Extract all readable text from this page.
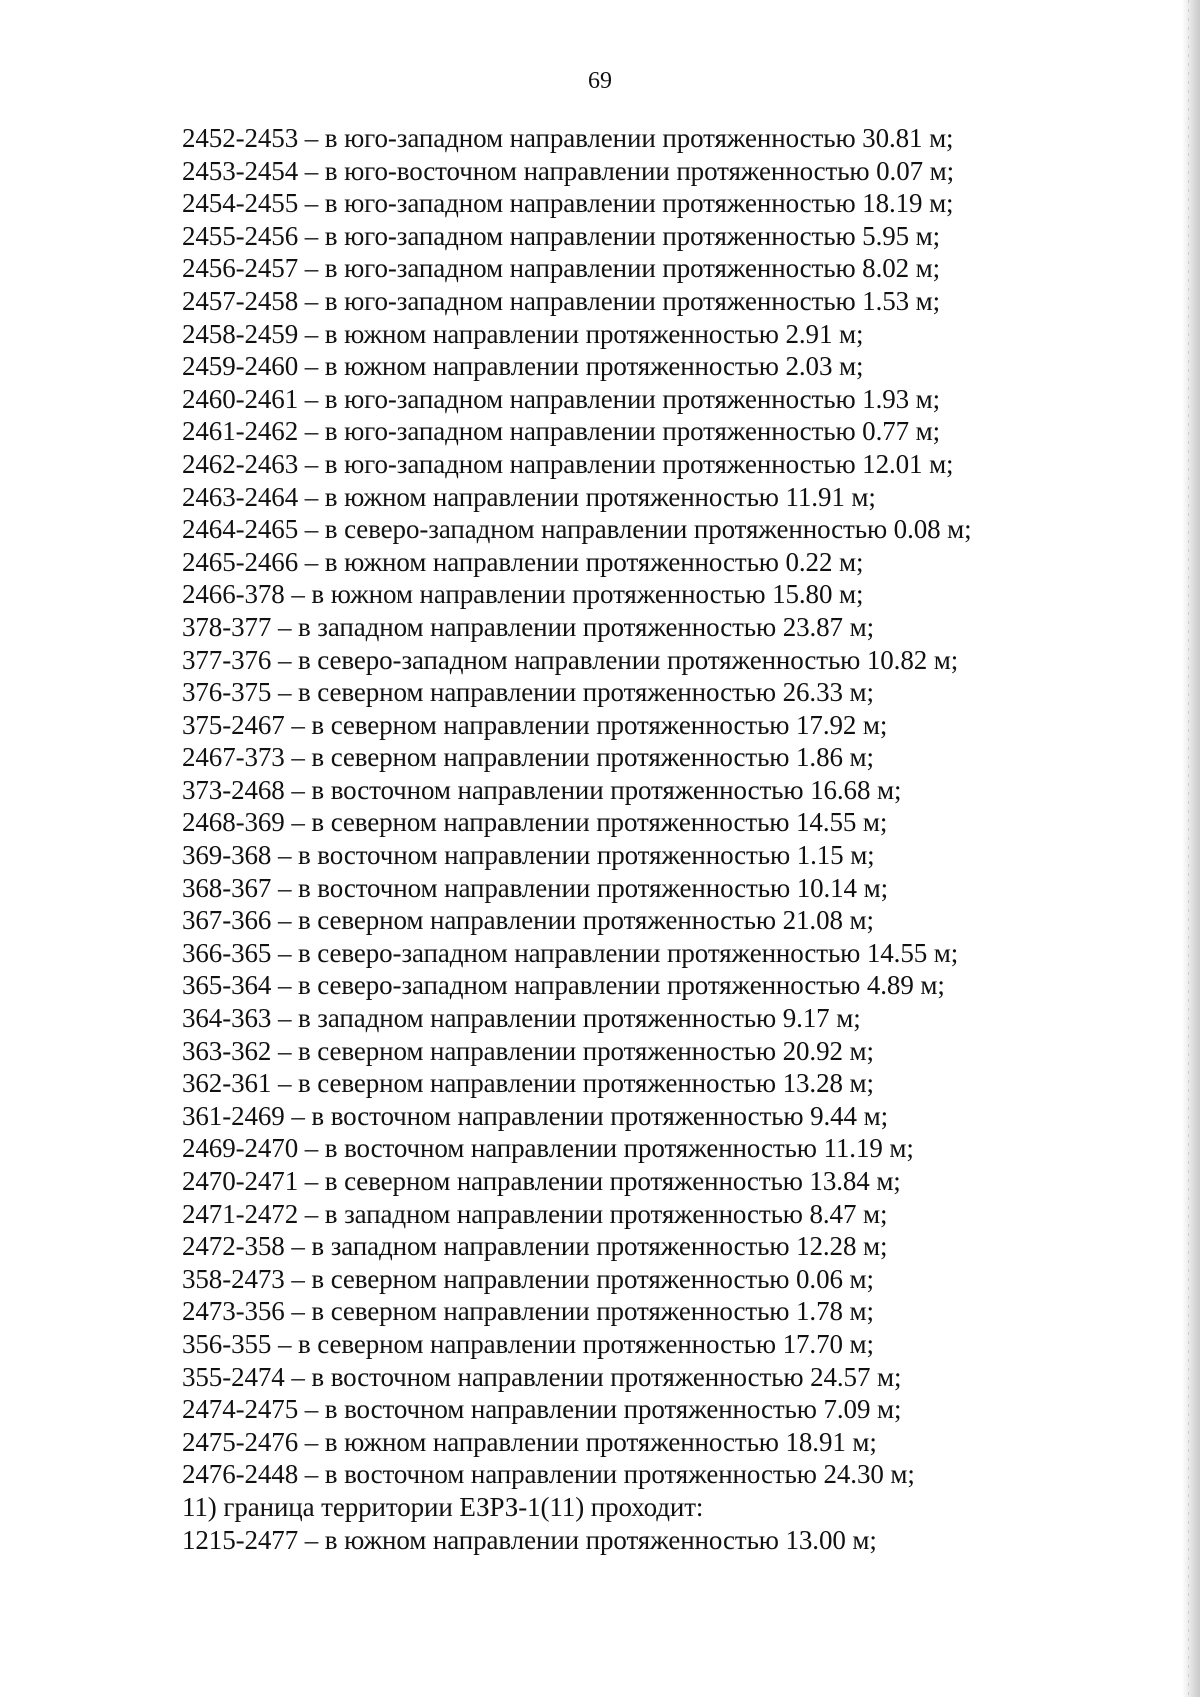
69
2452-2453 – в юго-западном направлении протяженностью 30.81 м;
2453-2454 – в юго-восточном направлении протяженностью 0.07 м;
2454-2455 – в юго-западном направлении протяженностью 18.19 м;
2455-2456 – в юго-западном направлении протяженностью 5.95 м;
2456-2457 – в юго-западном направлении протяженностью 8.02 м;
2457-2458 – в юго-западном направлении протяженностью 1.53 м;
2458-2459 – в южном направлении протяженностью 2.91 м;
2459-2460 – в южном направлении протяженностью 2.03 м;
2460-2461 – в юго-западном направлении протяженностью 1.93 м;
2461-2462 – в юго-западном направлении протяженностью 0.77 м;
2462-2463 – в юго-западном направлении протяженностью 12.01 м;
2463-2464 – в южном направлении протяженностью 11.91 м;
2464-2465 – в северо-западном направлении протяженностью 0.08 м;
2465-2466 – в южном направлении протяженностью 0.22 м;
2466-378 – в южном направлении протяженностью 15.80 м;
378-377 – в западном направлении протяженностью 23.87 м;
377-376 – в северо-западном направлении протяженностью 10.82 м;
376-375 – в северном направлении протяженностью 26.33 м;
375-2467 – в северном направлении протяженностью 17.92 м;
2467-373 – в северном направлении протяженностью 1.86 м;
373-2468 – в восточном направлении протяженностью 16.68 м;
2468-369 – в северном направлении протяженностью 14.55 м;
369-368 – в восточном направлении протяженностью 1.15 м;
368-367 – в восточном направлении протяженностью 10.14 м;
367-366 – в северном направлении протяженностью 21.08 м;
366-365 – в северо-западном направлении протяженностью 14.55 м;
365-364 – в северо-западном направлении протяженностью 4.89 м;
364-363 – в западном направлении протяженностью 9.17 м;
363-362 – в северном направлении протяженностью 20.92 м;
362-361 – в северном направлении протяженностью 13.28 м;
361-2469 – в восточном направлении протяженностью 9.44 м;
2469-2470 – в восточном направлении протяженностью 11.19 м;
2470-2471 – в северном направлении протяженностью 13.84 м;
2471-2472 – в западном направлении протяженностью 8.47 м;
2472-358 – в западном направлении протяженностью 12.28 м;
358-2473 – в северном направлении протяженностью 0.06 м;
2473-356 – в северном направлении протяженностью 1.78 м;
356-355 – в северном направлении протяженностью 17.70 м;
355-2474 – в восточном направлении протяженностью 24.57 м;
2474-2475 – в восточном направлении протяженностью 7.09 м;
2475-2476 – в южном направлении протяженностью 18.91 м;
2476-2448 – в восточном направлении протяженностью 24.30 м;
11) граница территории ЕЗРЗ-1(11) проходит:
1215-2477 – в южном направлении протяженностью 13.00 м;
